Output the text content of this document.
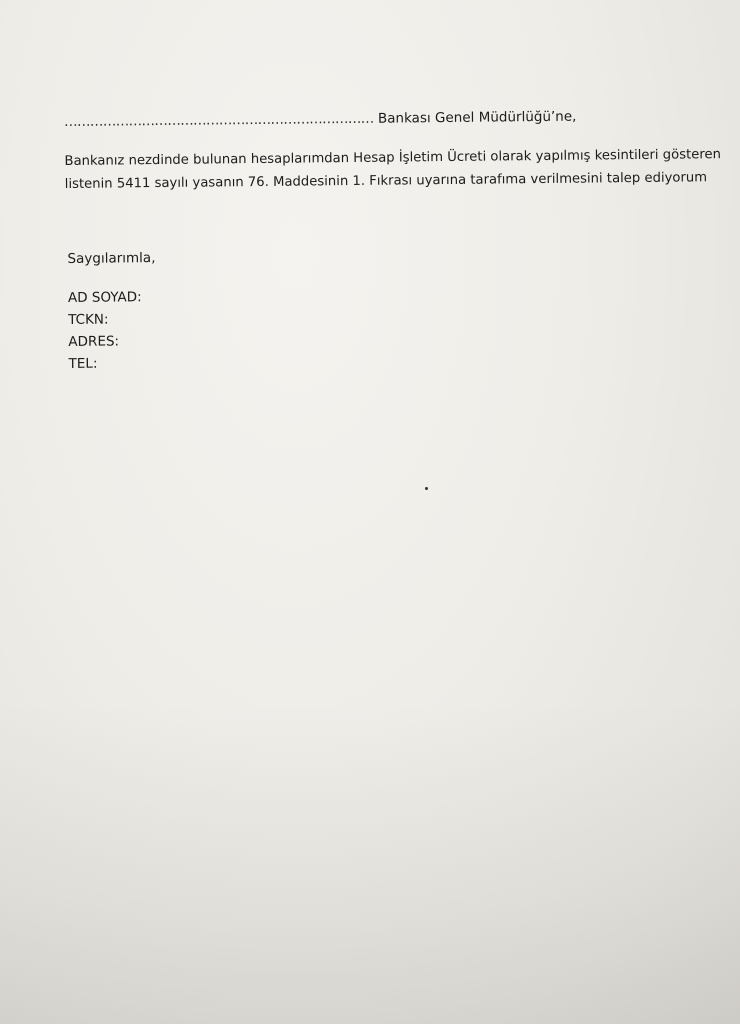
……………………………………………………………… Bankası Genel Müdürlüğü’ne,
Bankanız nezdinde bulunan hesaplarımdan Hesap İşletim Ücreti olarak yapılmış kesintileri gösteren
listenin 5411 sayılı yasanın 76. Maddesinin 1. Fıkrası uyarına tarafıma verilmesini talep ediyorum
Saygılarımla,
AD SOYAD:
TCKN:
ADRES:
TEL:
